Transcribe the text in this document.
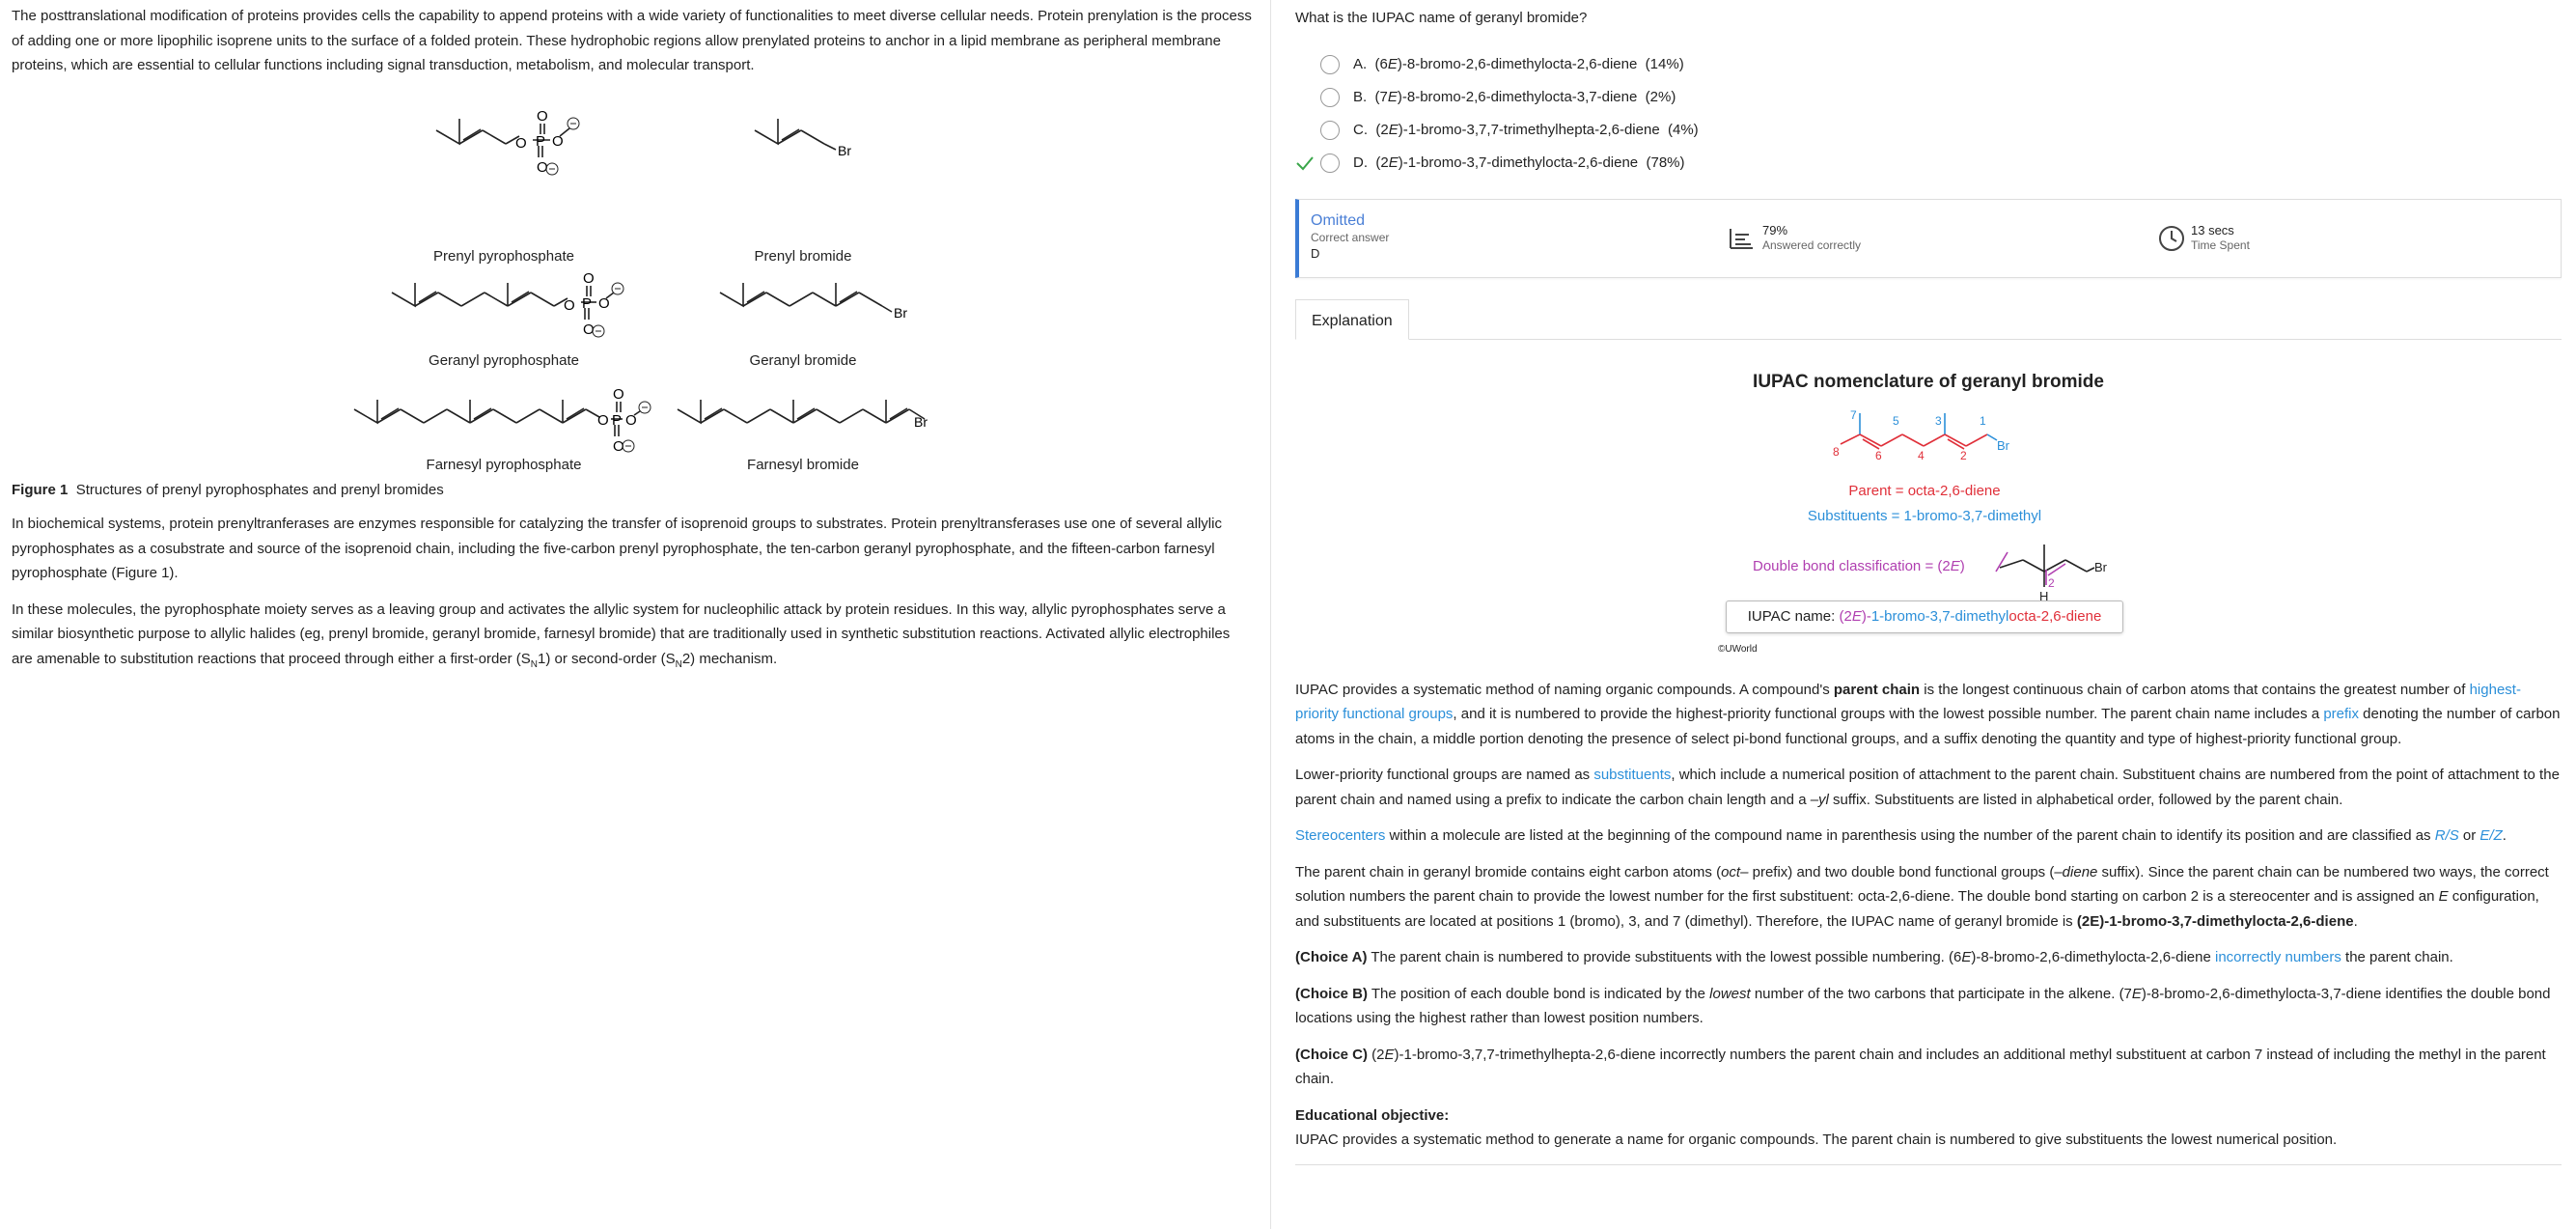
The posttranslational modification of proteins provides cells the capability to append proteins with a wide variety of functionalities to meet diverse cellular needs. Protein prenylation is the process of adding one or more lipophilic isoprene units to the surface of a folded protein. These hydrophobic regions allow prenylated proteins to anchor in a lipid membrane as peripheral membrane proteins, which are essential to cellular functions including signal transduction, metabolism, and molecular transport.

O P
O
O
O
Prenyl pyrophosphate
Br
Prenyl bromide
O P
O
O
O
Geranyl pyrophosphate
Br
Geranyl bromide
O P
O
O
O
Farnesyl pyrophosphate
Br
Farnesyl bromide

Figure 1 Structures of prenyl pyrophosphates and prenyl bromides

In biochemical systems, protein prenyltranferases are enzymes responsible for catalyzing the transfer of isoprenoid groups to substrates. Protein prenyltransferases use one of several allylic pyrophosphates as a cosubstrate and source of the isoprenoid chain, including the five-carbon prenyl pyrophosphate, the ten-carbon geranyl pyrophosphate, and the fifteen-carbon farnesyl pyrophosphate (Figure 1).

In these molecules, the pyrophosphate moiety serves as a leaving group and activates the allylic system for nucleophilic attack by protein residues. In this way, allylic pyrophosphates serve a similar biosynthetic purpose to allylic halides (eg, prenyl bromide, geranyl bromide, farnesyl bromide) that are traditionally used in synthetic substitution reactions. Activated allylic electrophiles are amenable to substitution reactions that proceed through either a first-order $(S_N1)$ or second-order $(S_N2)$ mechanism.

What is the IUPAC name of geranyl bromide?
A. (6E)-8-bromo-2,6-dimethylocta-2,6-diene (14%)
B. (7E)-8-bromo-2,6-dimethylocta-3,7-diene (2%)
C. (2E)-1-bromo-3,7,7-trimethylhepta-2,6-diene (4%)
D. (2E)-1-bromo-3,7-dimethylocta-2,6-diene (78%)
Omitted
Correct answer
D
79%
Answered correctly
13 secs
Time Spent
Explanation
IUPAC nomenclature of geranyl bromide
7	5	3	1
8	6	4	2
Br
Parent = octa-2,6-diene
Substituents = 1-bromo-3,7-dimethyl
Double bond classification = (2E)
2
H
Br
IUPAC name: (2E)-1-bromo-3,7-dimethylocta-2,6-diene
©UWorld

IUPAC provides a systematic method of naming organic compounds. A compound's parent chain is the longest continuous chain of carbon atoms that contains the greatest number of highest-priority functional groups, and it is numbered to provide the highest-priority functional groups with the lowest possible number. The parent chain name includes a prefix denoting the number of carbon atoms in the chain, a middle portion denoting the presence of select pi-bond functional groups, and a suffix denoting the quantity and type of highest-priority functional group.

Lower-priority functional groups are named as substituents, which include a numerical position of attachment to the parent chain. Substituent chains are numbered from the point of attachment to the parent chain and named using a prefix to indicate the carbon chain length and a –yl suffix. Substituents are listed in alphabetical order, followed by the parent chain.

Stereocenters within a molecule are listed at the beginning of the compound name in parenthesis using the number of the parent chain to identify its position and are classified as R/S or E/Z.

The parent chain in geranyl bromide contains eight carbon atoms (oct– prefix) and two double bond functional groups (–diene suffix). Since the parent chain can be numbered two ways, the correct solution numbers the parent chain to provide the lowest number for the first substituent: octa-2,6-diene. The double bond starting on carbon 2 is a stereocenter and is assigned an E configuration, and substituents are located at positions 1 (bromo), 3, and 7 (dimethyl). Therefore, the IUPAC name of geranyl bromide is (2E)-1-bromo-3,7-dimethylocta-2,6-diene.

(Choice A) The parent chain is numbered to provide substituents with the lowest possible numbering. (6E)-8-bromo-2,6-dimethylocta-2,6-diene incorrectly numbers the parent chain.

(Choice B) The position of each double bond is indicated by the lowest number of the two carbons that participate in the alkene. (7E)-8-bromo-2,6-dimethylocta-3,7-diene identifies the double bond locations using the highest rather than lowest position numbers.

(Choice C) (2E)-1-bromo-3,7,7-trimethylhepta-2,6-diene incorrectly numbers the parent chain and includes an additional methyl substituent at carbon 7 instead of including the methyl in the parent chain.

Educational objective:

IUPAC provides a systematic method to generate a name for organic compounds. The parent chain is numbered to give substituents the lowest numerical position.
